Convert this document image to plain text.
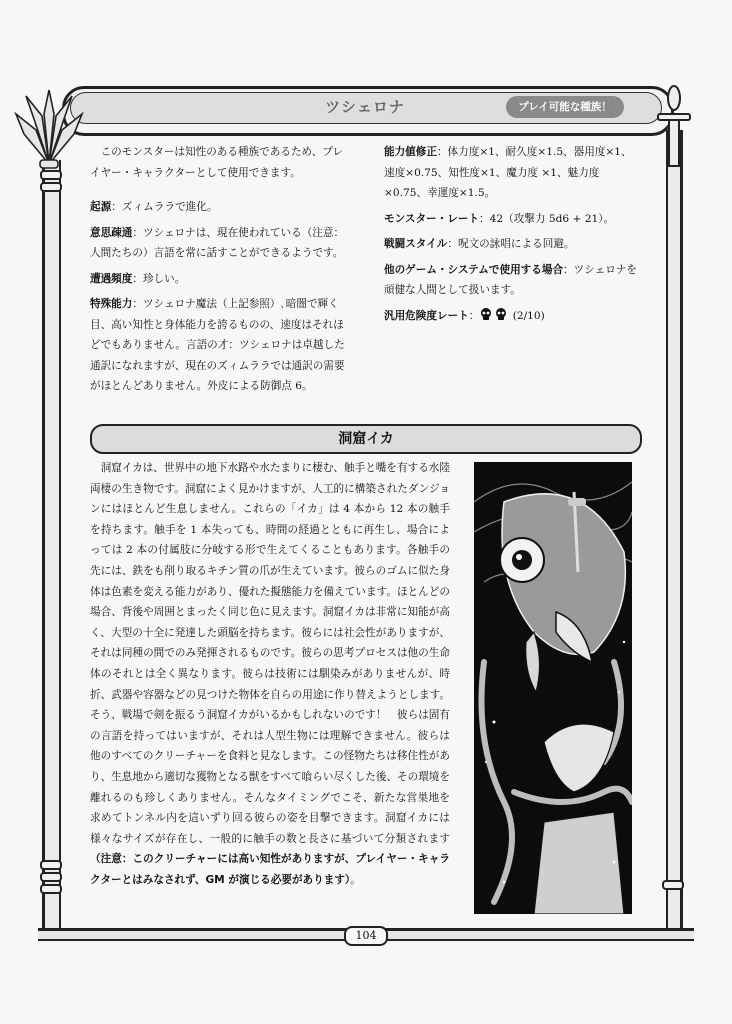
ツシェロナ	プレイ可能な種族！
104

このモンスターは知性のある種族であるため、プレイヤー・キャラクターとして使用できます。

起源：ズィムララで進化。

意思疎通：ツシェロナは、現在使われている（注意：人間たちの）言語を常に話すことができるようです。

遭遇頻度：珍しい。

特殊能力：ツシェロナ魔法（上記参照）､暗闇で輝く目、高い知性と身体能力を誇るものの、速度はそれほどでもありません。言語の才：ツシェロナは卓越した通訳になれますが、現在のズィムララでは通訳の需要がほとんどありません。外皮による防御点 6。

能力値修正：体力度×1、耐久度×1.5、器用度×1、速度×0.75、知性度×1、魔力度 ×1、魅力度×0.75、幸運度×1.5。

モンスター・レート：42（攻撃力 5d6 + 21）。

戦闘スタイル：呪文の詠唱による回避。

他のゲーム・システムで使用する場合：ツシェロナを頑健な人間として扱います。

汎用危険度レート：	(2/10)

洞窟イカ
洞窟イカは、世界中の地下水路や水たまりに棲む、触手と嘴を有する水陸両棲の生き物です。洞窟によく見かけますが、人工的に構築されたダンジョンにはほとんど生息しません。これらの「イカ」は 4 本から 12 本の触手を持ちます。触手を 1 本失っても、時間の経過とともに再生し、場合によっては 2 本の付属肢に分岐する形で生えてくることもあります。各触手の先には、鉄をも削り取るキチン質の爪が生えています。彼らのゴムに似た身体は色素を変える能力があり、優れた擬態能力を備えています。ほとんどの場合、背後や周囲とまったく同じ色に見えます。洞窟イカは非常に知能が高く、大型の十全に発達した頭脳を持ちます。彼らには社会性がありますが、それは同種の間でのみ発揮されるものです。彼らの思考プロセスは他の生命体のそれとは全く異なります。彼らは技術には馴染みがありませんが、時折、武器や容器などの見つけた物体を自らの用途に作り替えようとします。そう、戦場で剣を振るう洞窟イカがいるかもしれないのです！　彼らは固有の言語を持ってはいますが、それは人型生物には理解できません。彼らは他のすべてのクリーチャーを食料と見なします。この怪物たちは移住性があり、生息地から適切な獲物となる獣をすべて喰らい尽くした後、その環境を離れるのも珍しくありません。そんなタイミングでこそ、新たな営巣地を求めてトンネル内を這いずり回る彼らの姿を目撃できます。洞窟イカには様々なサイズが存在し、一般的に触手の数と長さに基づいて分類されます（注意：このクリーチャーには高い知性がありますが、プレイヤー・キャラクターとはみなされず、GM が演じる必要があります）。
